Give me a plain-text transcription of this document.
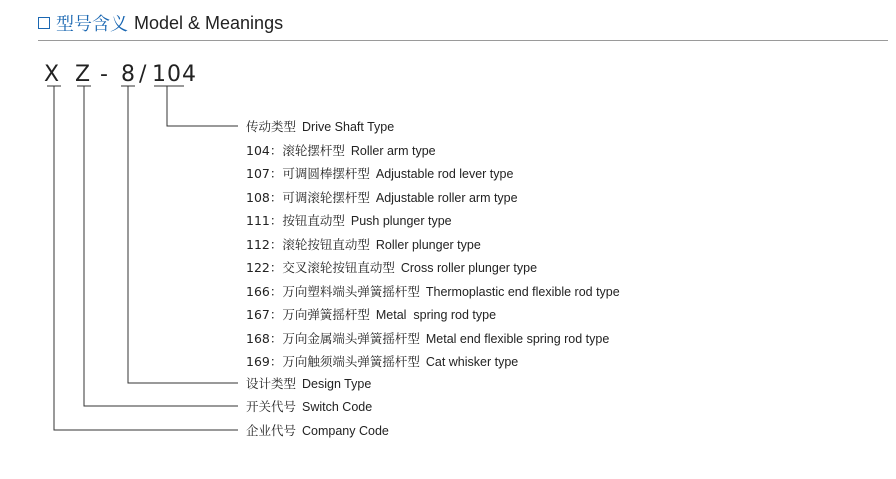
型号含义 Model & Meanings
X Z - 8 / 104
传动类型 Drive Shaft Type
104：滚轮摆杆型 Roller arm type
107：可调圆棒摆杆型 Adjustable rod lever type
108：可调滚轮摆杆型 Adjustable roller arm type
111：按钮直动型 Push plunger type
112：滚轮按钮直动型 Roller plunger type
122：交叉滚轮按钮直动型 Cross roller plunger type
166：万向塑料端头弹簧摇杆型 Thermoplastic end flexible rod type
167：万向弹簧摇杆型 Metal  spring rod type
168：万向金属端头弹簧摇杆型 Metal end flexible spring rod type
169：万向触须端头弹簧摇杆型 Cat whisker type
设计类型 Design Type
开关代号 Switch Code
企业代号 Company Code
